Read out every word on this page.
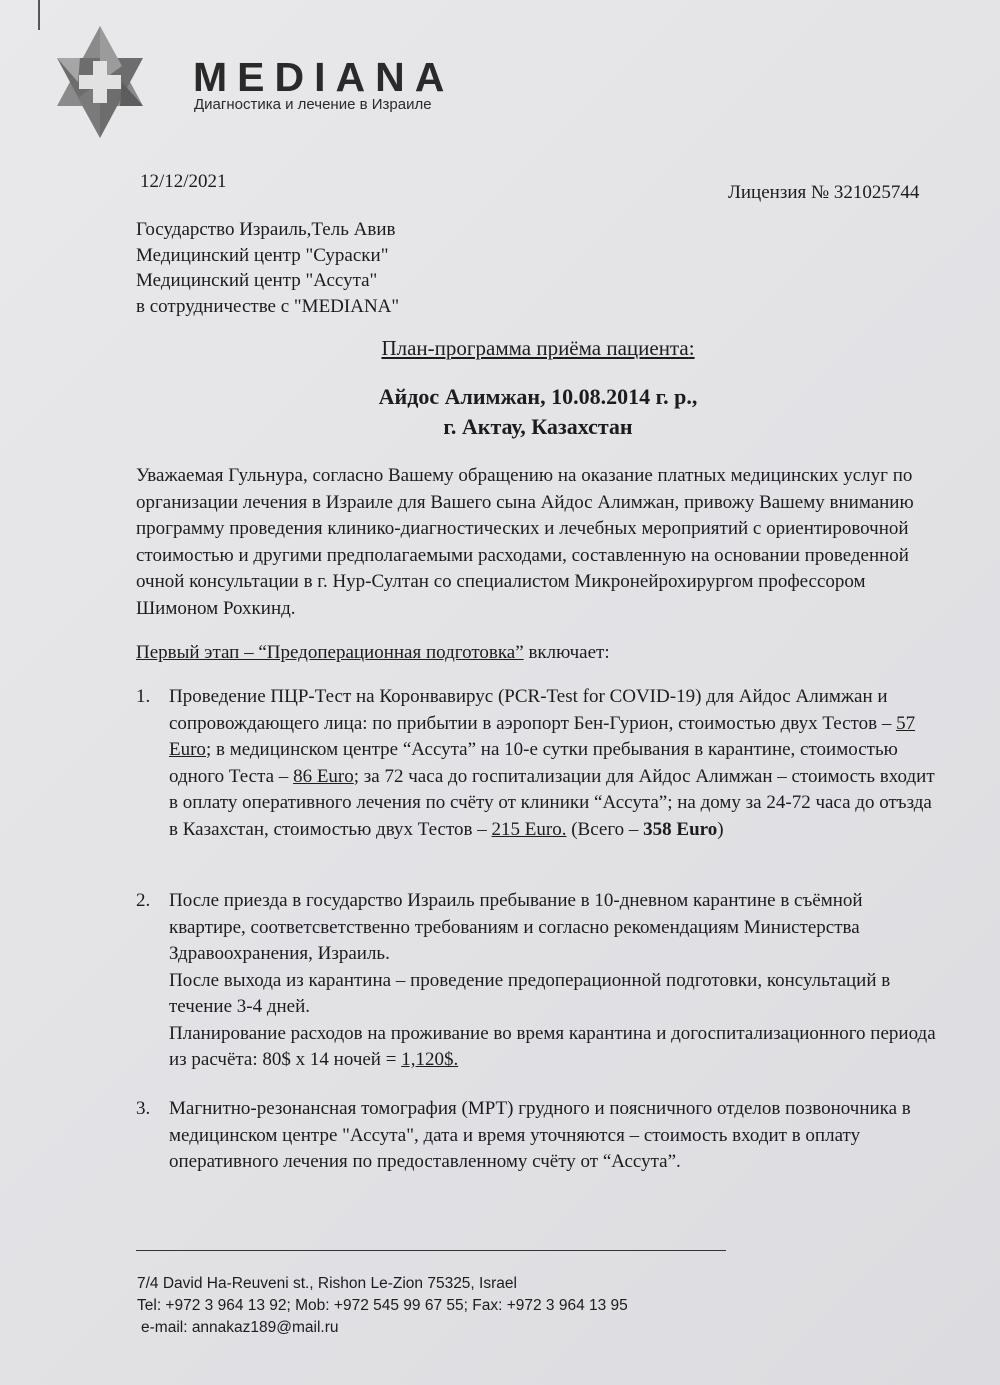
MEDIANA
Диагностика и лечение в Израиле
12/12/2021
Лицензия № 321025744
Государство Израиль,Тель Авив
Медицинский центр "Сураски"
Медицинский центр "Ассута"
в сотрудничестве с "MEDIANA"
План-программа приёма пациента:
Айдос Алимжан, 10.08.2014 г. р.,
г. Актау, Казахстан
Уважаемая Гульнура, согласно Вашему обращению на оказание платных медицинских услуг по организации лечения в Израиле для Вашего сына Айдос Алимжан, привожу Вашему вниманию программу проведения клинико-диагностических и лечебных мероприятий с ориентировочной стоимостью и другими предполагаемыми расходами, составленную на основании проведенной очной консультации в г. Нур-Султан со специалистом Микронейрохирургом профессором Шимоном Рохкинд.
Первый этап – “Предоперационная подготовка” включает:
1. Проведение ПЦР-Тест на Коронвавирус (PCR-Test for COVID-19) для Айдос Алимжан и сопровождающего лица: по прибытии в аэропорт Бен-Гурион, стоимостью двух Тестов – 57 Euro; в медицинском центре “Ассута” на 10-е сутки пребывания в карантине, стоимостью одного Теста – 86 Euro; за 72 часа до госпитализации для Айдос Алимжан – стоимость входит в оплату оперативного лечения по счёту от клиники “Ассута”; на дому за 24-72 часа до отъзда в Казахстан, стоимостью двух Тестов – 215 Euro. (Всего – 358 Euro)
2. После приезда в государство Израиль пребывание в 10-дневном карантине в съёмной квартире, соответсветственно требованиям и согласно рекомендациям Министерства Здравоохранения, Израиль.
После выхода из карантина – проведение предоперационной подготовки, консультаций в течение 3-4 дней.
Планирование расходов на проживание во время карантина и догоспитализационного периода из расчёта: 80$ х 14 ночей = 1,120$.
3. Магнитно-резонансная томография (МРТ) грудного и поясничного отделов позвоночника в медицинском центре "Ассута", дата и время уточняются – стоимость входит в оплату оперативного лечения по предоставленному счёту от “Ассута”.
7/4 David Ha-Reuveni st., Rishon Le-Zion 75325, Israel
Tel: +972 3 964 13 92; Mob: +972 545 99 67 55; Fax: +972 3 964 13 95
e-mail: annakaz189@mail.ru
